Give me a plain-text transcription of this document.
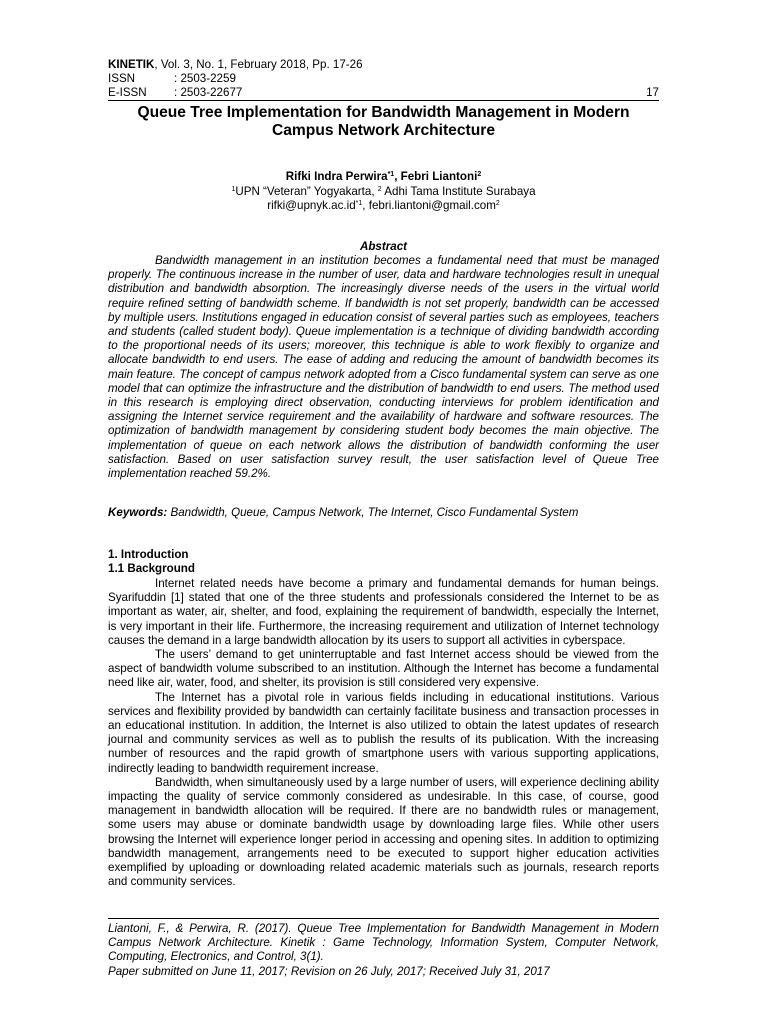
KINETIK, Vol. 3, No. 1, February 2018, Pp. 17-26
ISSN	: 2503-2259
E-ISSN	: 2503-22677	17
Queue Tree Implementation for Bandwidth Management in Modern Campus Network Architecture
Rifki Indra Perwira$^{*1}$, Febri Liantoni$^2$
$^1$UPN “Veteran” Yogyakarta, $^2$ Adhi Tama Institute Surabaya
$rifki@upnyk.ac.id^{*1}$, febri.liantoni@gmail.com$^2$
Abstract

Bandwidth management in an institution becomes a fundamental need that must be managed properly. The continuous increase in the number of user, data and hardware technologies result in unequal distribution and bandwidth absorption. The increasingly diverse needs of the users in the virtual world require refined setting of bandwidth scheme. If bandwidth is not set properly, bandwidth can be accessed by multiple users. Institutions engaged in education consist of several parties such as employees, teachers and students (called student body). Queue implementation is a technique of dividing bandwidth according to the proportional needs of its users; moreover, this technique is able to work flexibly to organize and allocate bandwidth to end users. The ease of adding and reducing the amount of bandwidth becomes its main feature. The concept of campus network adopted from a Cisco fundamental system can serve as one model that can optimize the infrastructure and the distribution of bandwidth to end users. The method used in this research is employing direct observation, conducting interviews for problem identification and assigning the Internet service requirement and the availability of hardware and software resources. The optimization of bandwidth management by considering student body becomes the main objective. The implementation of queue on each network allows the distribution of bandwidth conforming the user satisfaction. Based on user satisfaction survey result, the user satisfaction level of Queue Tree implementation reached 59.2%.

Keywords: Bandwidth, Queue, Campus Network, The Internet, Cisco Fundamental System
1. Introduction
1.1 Background

Internet related needs have become a primary and fundamental demands for human beings. Syarifuddin [1] stated that one of the three students and professionals considered the Internet to be as important as water, air, shelter, and food, explaining the requirement of bandwidth, especially the Internet, is very important in their life. Furthermore, the increasing requirement and utilization of Internet technology causes the demand in a large bandwidth allocation by its users to support all activities in cyberspace.

The users’ demand to get uninterruptable and fast Internet access should be viewed from the aspect of bandwidth volume subscribed to an institution. Although the Internet has become a fundamental need like air, water, food, and shelter, its provision is still considered very expensive.

The Internet has a pivotal role in various fields including in educational institutions. Various services and flexibility provided by bandwidth can certainly facilitate business and transaction processes in an educational institution. In addition, the Internet is also utilized to obtain the latest updates of research journal and community services as well as to publish the results of its publication. With the increasing number of resources and the rapid growth of smartphone users with various supporting applications, indirectly leading to bandwidth requirement increase.

Bandwidth, when simultaneously used by a large number of users, will experience declining ability impacting the quality of service commonly considered as undesirable. In this case, of course, good management in bandwidth allocation will be required. If there are no bandwidth rules or management, some users may abuse or dominate bandwidth usage by downloading large files. While other users browsing the Internet will experience longer period in accessing and opening sites. In addition to optimizing bandwidth management, arrangements need to be executed to support higher education activities exemplified by uploading or downloading related academic materials such as journals, research reports and community services.

Liantoni, F., & Perwira, R. (2017). Queue Tree Implementation for Bandwidth Management in Modern Campus Network Architecture. Kinetik : Game Technology, Information System, Computer Network, Computing, Electronics, and Control, 3(1).

Paper submitted on June 11, 2017; Revision on 26 July, 2017; Received July 31, 2017
